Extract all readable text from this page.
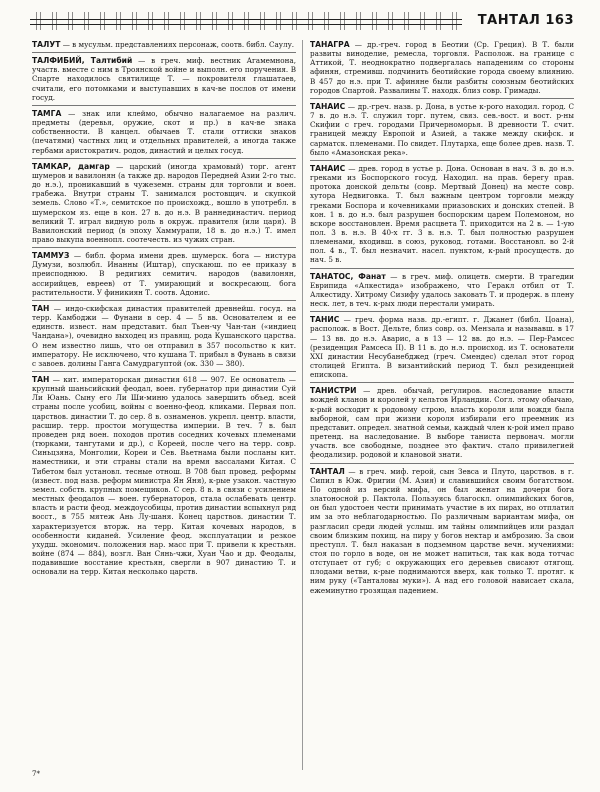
ТАНТАЛ 163
ТАЛУТ — в мусульм. представлениях персонаж, соотв. библ. Саулу.
ТАЛФИБИЙ, Талтибий — в греч. миф. вестник Агамемнона, участв. вместе с ним в Троянской войне и выполн. его поручения. В Спарте находилось святилище Т. — покровителя глашатаев, считали, его потомками и выступавших в кач-ве послов от имени госуд.
ТАМГА — знак или клеймо, обычно налагаемое на различ. предметы (деревья, оружие, скот и пр.) в кач-ве знака собственности. В канцел. обычаев Т. стали оттиски знаков (печатями) частных лиц и отдельных правителей, а иногда также гербами аристократич. родов, династий и целых госуд.
ТАМКАР, дамгар — царский (иногда храмовый) торг. агент шумеров и вавилонян (а также др. народов Передней Азии 2-го тыс. до н.э.), проникавший в чужеземн. страны для торговли и воен. грабежа. Внутри страны Т. занимался ростовщич. и скупкой земель. Слово «Т.», семитское по происхожд., вошло в употребл. в шумерском яз. еще в кон. 27 в. до н.э. В раннединастич. период великий Т. играл видную роль в окруж. правителя (или царя). В Вавилонский период (в эпоху Хаммурапи, 18 в. до н.э.) Т. имел право выкупа военнопл. соотечеств. из чужих стран.
ТАММУЗ — библ. форма имени древ. шумерск. бога — нистура Думузи, возлюбл. Инанны (Иштар), спускаюш. по ее приказу в преисподнюю. В редигиях семитич. народов (вавилонян, ассирийцев, евреев) от Т. умирающий и воскресающ. бога растительности. У финикиян Т. соотв. Адонис.
ТАН — индо-скифская династия правителей древнейш. госуд. на терр. Камбоджи — Фунани в сер. 4 — 5 вв. Основателем и ее единств. извест. нам представит. был Тьен-чу Чан-тан («индиец Чандана»), очевидно выходец из правящ. рода Кушанского царства. О нем известно лишь, что он отправил в 357 посольство к кит. императору. Не исключено, что кушана Т. прибыл в Фунань в связи с завоев. долины Ганга Самудрагуптой (ок. 330 — 380).
ТАН — кит. императорская династия 618 — 907. Ее основатель — крупный шаньсийский феодал, воен. губернатор при династии Суй Ли Юань. Сыну его Ли Ши-миню удалось завершить объед. всей страны после усобиц, войны с военно-феод. кликами. Первая пол. царствов. династии Т. до сер. 8 в. ознаменов. укрепл. центр. власти, расшир. терр. простои могущества империи. В теч. 7 в. был проведен ряд воен. походов против соседних кочевых племенами (тюрками, тангутами и др.), с Кореей, после чего на терр. совр. Синьцзяна, Монголии, Кореи и Сев. Вьетнама были посланы кит. наместники, и эти страны стали на время вассалами Китая. С Тибетом был установл. тесные отнош. В 708 был провед. реформы (извест. под назв. реформ министра Ян Яня), к-рые узакон. частную земел. собств. крупных помещиков. С сер. 8 в. в связи с усилением местных феодалов — воен. губернаторов, стала ослабевать центр. власть и расти феод. междоусобицы, против династии вспыхнул ряд восст., в 755 мятеж Ань Лу-шаня. Конец царствов. династии Т. характеризуется вторж. на терр. Китая кочевых народов, в особенности киданей. Усиление феод. эксплуатации и резкое ухудш. экономич. положения нар. масс при Т. привели к крестьян. войне (874 — 884), возгл. Ван Сянь-чжи, Хуан Чао и др. Феодалы, подавившие восстание крестьян, свергли в 907 династию Т. и основали на терр. Китая несколько царств.
ТАНАГРА — др.-греч. город в Беотии (Ср. Греция). В Т. были развиты виноделие, ремесла, торговля. Располож. на границе с Аттикой, Т. неоднократно подвергалась нападениям со стороны афинян, стремивш. подчинить беотийские города своему влиянию. В 457 до н.э. при Т. афиняне были разбиты союзным беотийских городов Спартой. Развалины Т. находк. близ совр. Гримады.
ТАНАИС — др.-греч. назв. р. Дона, в устье к-рого находил. город. С 7 в. до н.э. Т. служил торг. путем, связ. сев.-вост. и вост. р-ны Скифии с греч. городами Причерноморья. В древности Т. счит. границей между Европой и Азией, а также между скифск. и сарматск. племенами. По свидет. Плутарха, еще более древ. назв. Т. было «Амазонская река».
ТАНАИС — древ. город в устье р. Дона. Основан в нач. 3 в. до н.э. греками из Боспорского госуд. Находил. на прав. берегу прав. протока донской дельты (совр. Мертвый Донец) на месте совр. хутора Недвиговка. Т. был важным центром торговли между греками Боспора и кочевниками приазовских и донских степей. В кон. 1 в. до н.э. был разрушен боспорским царем Полемоном, но вскоре восстановлен. Время расцвета Т. приходится на 2 в. — 1-ую пол. 3 в. н.э. В 40-х гг. 3 в. н.э. Т. был полностью разрушен племенами, входивш. в союз, руковод. готами. Восстановл. во 2-й пол. 4 в., Т. был незначит. насел. пунктом, к-рый просуществ. до нач. 5 в.
ТАНАТОС, Фанат — в греч. миф. олицетв. смерти. В трагедии Еврипида «Алкестида» изображено, что Геракл отбил от Т. Алкестиду. Хитрому Сизифу удалось заковать Т. и продерж. в плену неск. лет, в теч. к-рых люди перестали умирать.
ТАНИС — греч. форма назв. др.-египт. г. Джанет (библ. Цоана), располож. в Вост. Дельте, близ совр. оз. Мензала и называвш. в 17 — 13 вв. до н.э. Аварис, а в 13 — 12 вв. до н.э. — Пер-Рамсес (резиденция Рамсеса II). В 11 в. до н.э. происход. из Т. основатели XXI династии Несубанебджед (греч. Смендес) сделал этот город столицей Египта. В византийский период Т. был резиденцией епископа.
ТАНИСТРИ — древ. обычай, регулиров. наследование власти вождей кланов и королей у кельтов Ирландии. Согл. этому обычаю, к-рый восходит к родовому строю, власть короля или вождя была выборной, сам при жизни короля избирали его преемник из представит. определ. знатной семьи, каждый член к-рой имел право претенд. на наследование. В выборе таниста первонач. могли участв. все свободные, позднее это фактич. стало привилегией феодализир. родовой и клановой знати.
ТАНТАЛ — в греч. миф. герой, сын Зевса и Плуто, царствов. в г. Сипил в Юж. Фригии (М. Азия) и славившийся своим богатством. По одной из версий мифа, он был женат на дочери бога златоносной р. Пактола. Пользуясь благоскл. олимпийских богов, он был удостоен чести принимать участие в их пирах, но отплатил им за это неблагодарностью. По различным вариантам мифа, он разгласил среди людей услыш. им тайны олимпийцев или раздал своим близким похищ. на пиру у богов нектар и амброзию. За свои преступл. Т. был наказан в подземном царстве вечн. мучениями: стоя по горло в воде, он не может напиться, так как вода тотчас отступает от губ; с окружающих его деревьев свисают отягощ. плодами ветви, к-рые поднимаются вверх, как только Т. протяг. к ним руку («Танталовы муки»). А над его головой нависает скала, ежеминутно грозящая падением.
7*
